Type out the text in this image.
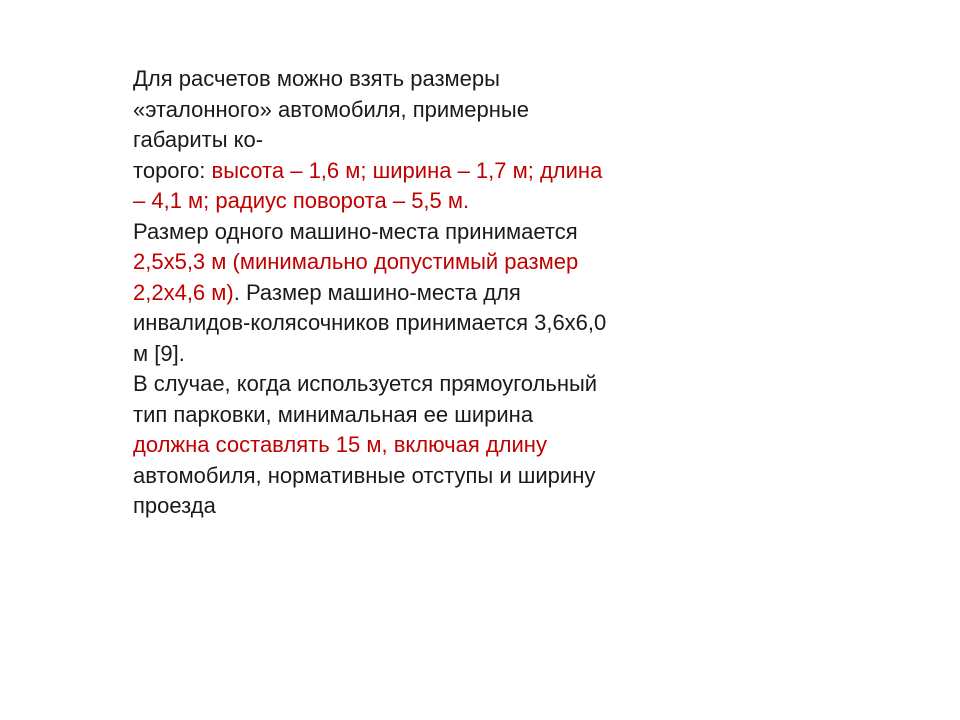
Для расчетов можно взять размеры
«эталонного» автомобиля, примерные
габариты ко-
торого: высота – 1,6 м; ширина – 1,7 м; длина
– 4,1 м; радиус поворота – 5,5 м.
Размер одного машино-места принимается
2,5х5,3 м (минимально допустимый размер
2,2х4,6 м). Размер машино-места для
инвалидов-колясочников принимается 3,6х6,0
м [9].
В случае, когда используется прямоугольный
тип парковки, минимальная ее ширина
должна составлять 15 м, включая длину
автомобиля, нормативные отступы и ширину
проезда
